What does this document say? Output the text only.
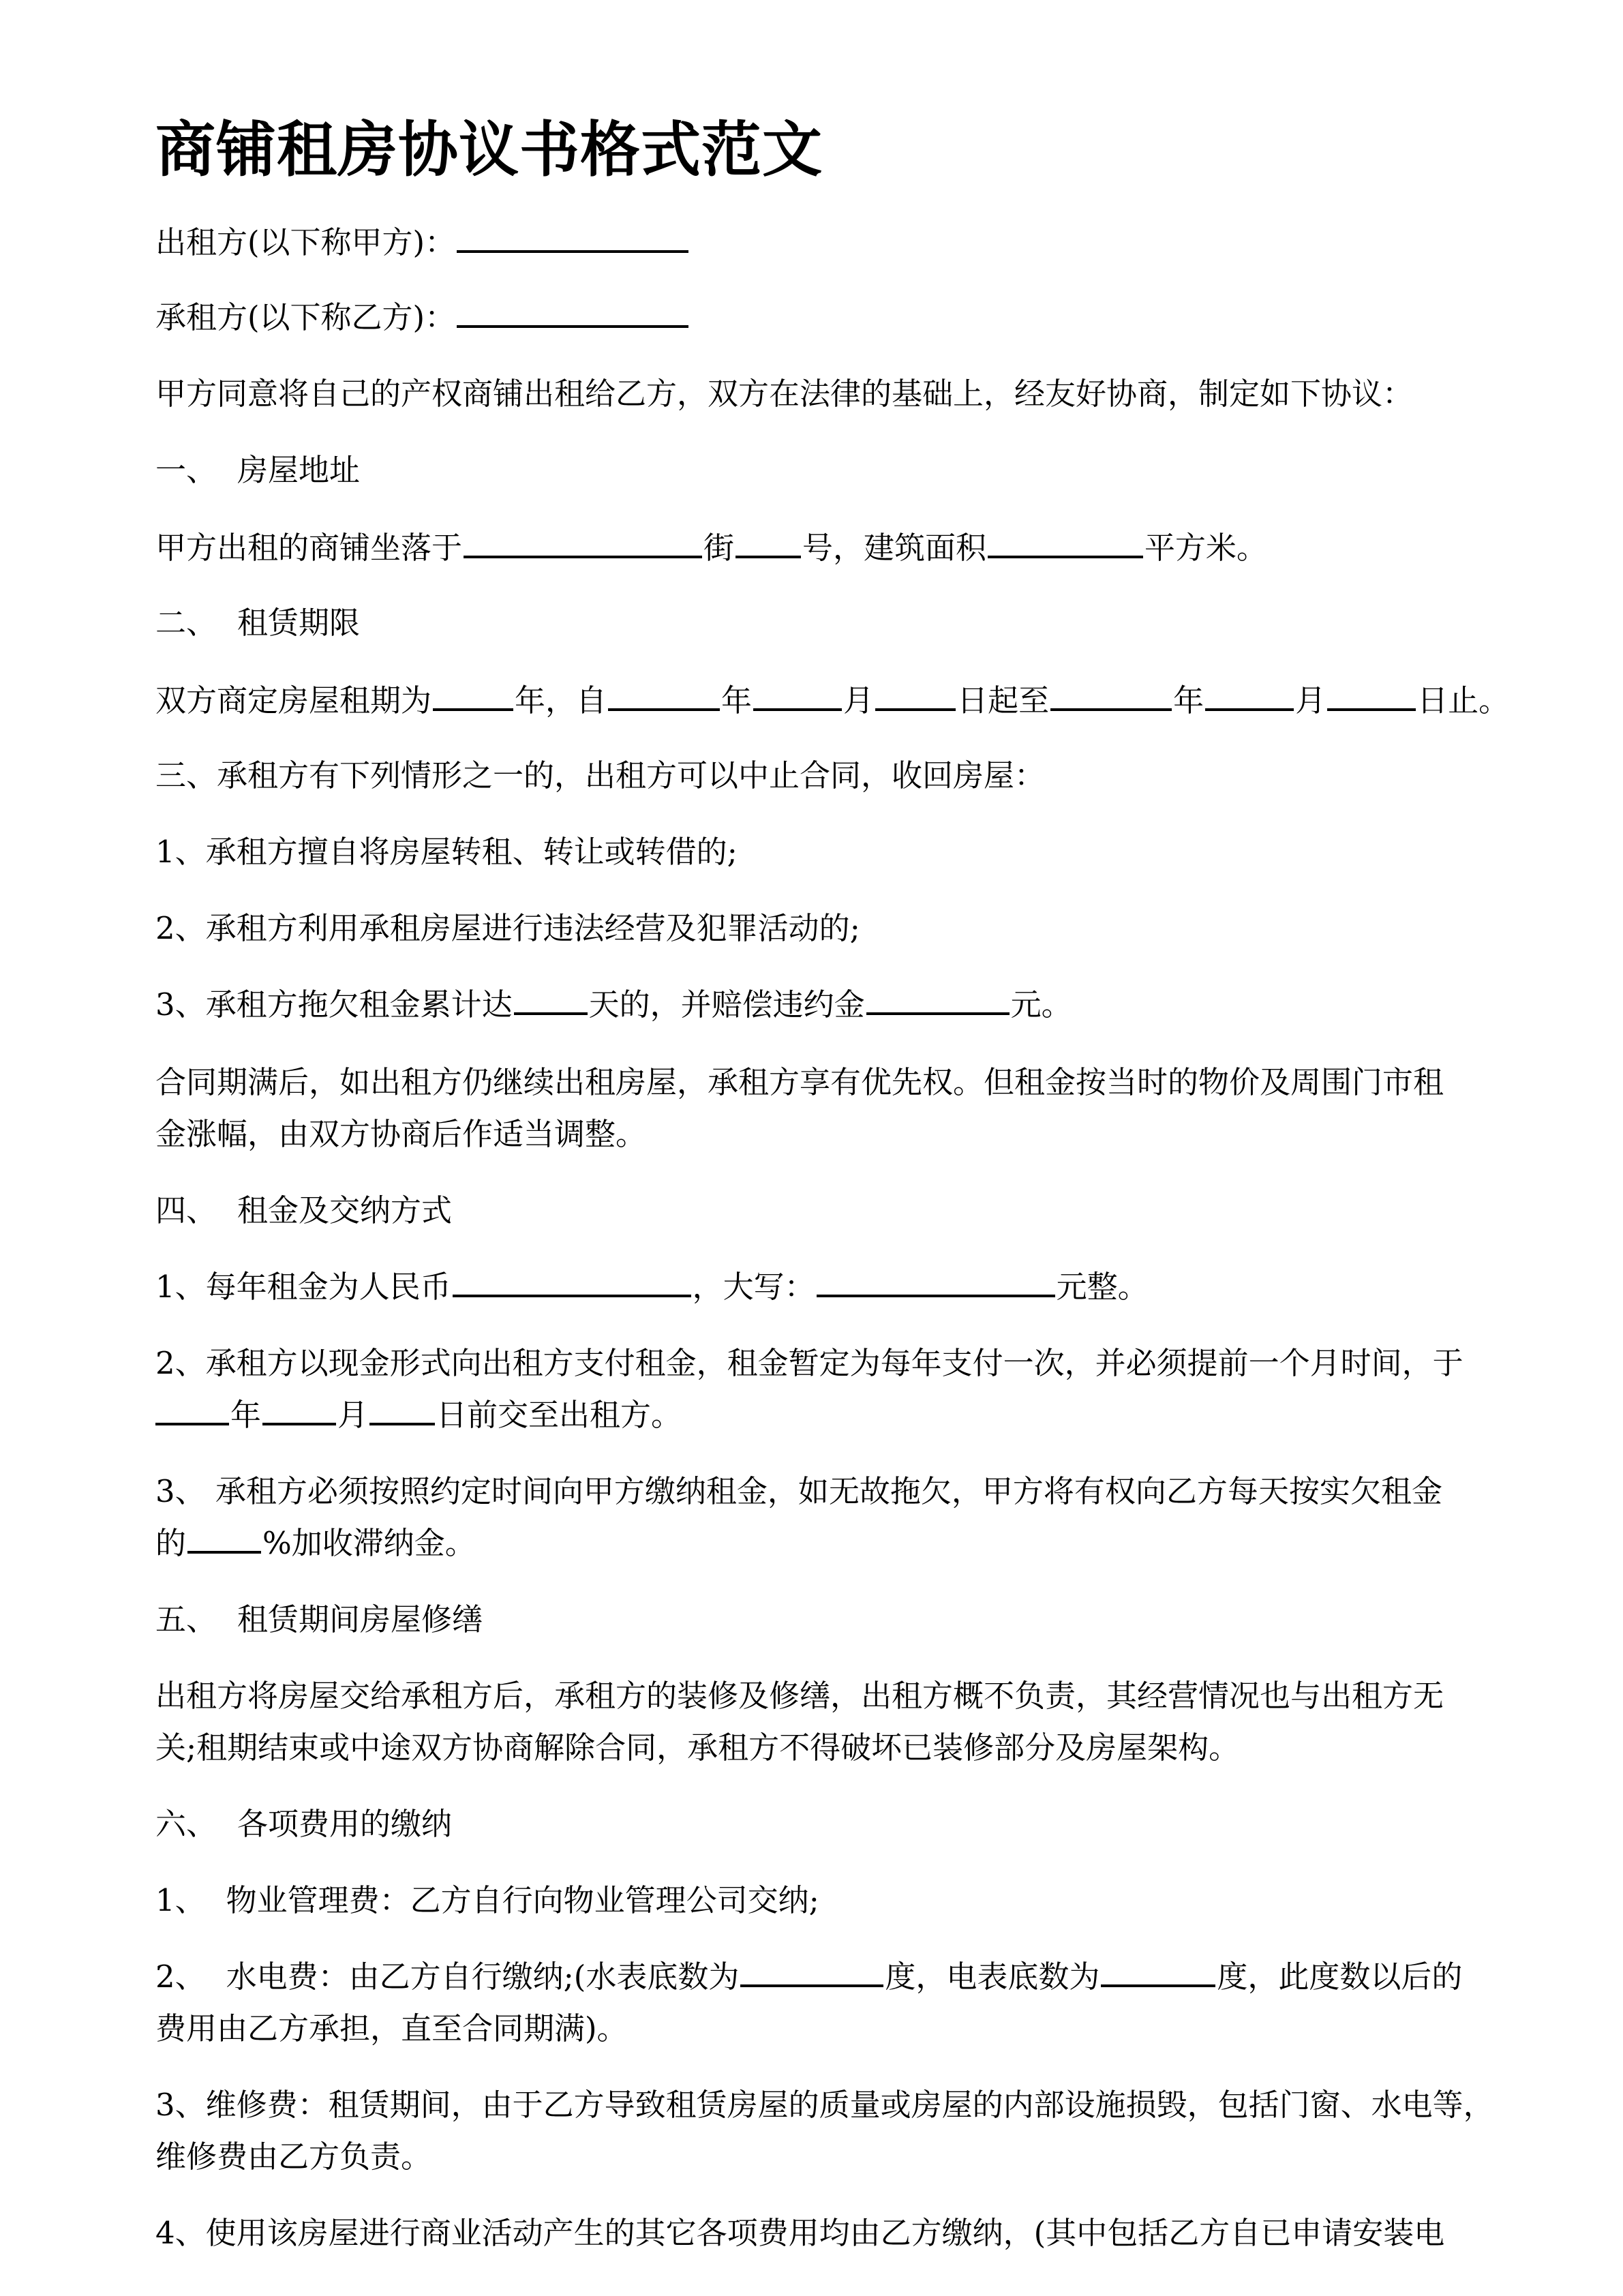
商铺租房协议书格式范文

出租方(以下称甲方)：

承租方(以下称乙方)：

甲方同意将自己的产权商铺出租给乙方，双方在法律的基础上，经友好协商，制定如下协议：

一、 房屋地址

甲方出租的商铺坐落于	街 号，建筑面积	平方米。

二、 租赁期限

双方商定房屋租期为	年，自	年	月	日起至	年	月	日止。

三、承租方有下列情形之一的，出租方可以中止合同，收回房屋：

1、承租方擅自将房屋转租、转让或转借的;

2、承租方利用承租房屋进行违法经营及犯罪活动的;

3、承租方拖欠租金累计达 天的，并赔偿违约金	元。

合同期满后，如出租方仍继续出租房屋，承租方享有优先权。但租金按当时的物价及周围门市租

金涨幅，由双方协商后作适当调整。

四、 租金及交纳方式

1、每年租金为人民币	，大写：	元整。

2、承租方以现金形式向出租方支付租金，租金暂定为每年支付一次，并必须提前一个月时间，于

年 月 日前交至出租方。

3、 承租方必须按照约定时间向甲方缴纳租金，如无故拖欠，甲方将有权向乙方每天按实欠租金

的 %加收滞纳金。

五、 租赁期间房屋修缮

出租方将房屋交给承租方后，承租方的装修及修缮，出租方概不负责，其经营情况也与出租方无

关;租期结束或中途双方协商解除合同，承租方不得破坏已装修部分及房屋架构。

六、 各项费用的缴纳

1、 物业管理费：乙方自行向物业管理公司交纳;

2、 水电费：由乙方自行缴纳;(水表底数为	度，电表底数为	度，此度数以后的

费用由乙方承担，直至合同期满)。

3、维修费：租赁期间，由于乙方导致租赁房屋的质量或房屋的内部设施损毁，包括门窗、水电等，

维修费由乙方负责。

4、使用该房屋进行商业活动产生的其它各项费用均由乙方缴纳，(其中包括乙方自已申请安装电
